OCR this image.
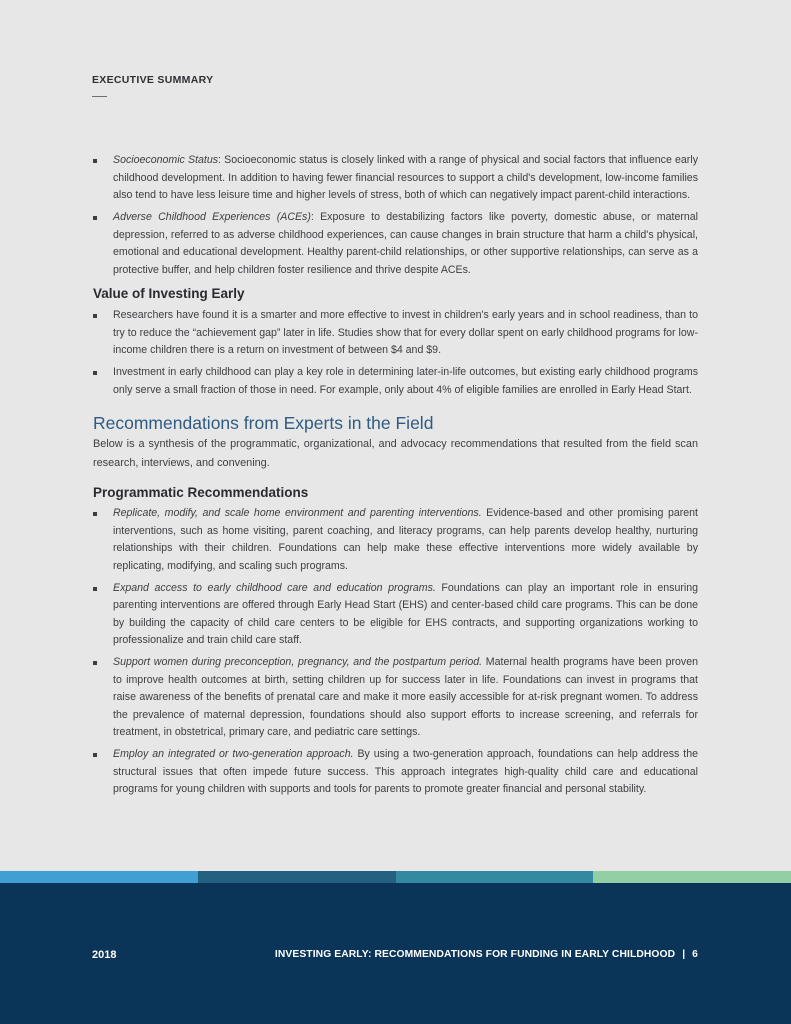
EXECUTIVE SUMMARY
Socioeconomic Status: Socioeconomic status is closely linked with a range of physical and social factors that influence early childhood development. In addition to having fewer financial resources to support a child's development, low-income families also tend to have less leisure time and higher levels of stress, both of which can negatively impact parent-child interactions.
Adverse Childhood Experiences (ACEs): Exposure to destabilizing factors like poverty, domestic abuse, or maternal depression, referred to as adverse childhood experiences, can cause changes in brain structure that harm a child's physical, emotional and educational development. Healthy parent-child relationships, or other supportive relationships, can serve as a protective buffer, and help children foster resilience and thrive despite ACEs.
Value of Investing Early
Researchers have found it is a smarter and more effective to invest in children's early years and in school readiness, than to try to reduce the “achievement gap” later in life. Studies show that for every dollar spent on early childhood programs for low-income children there is a return on investment of between $4 and $9.
Investment in early childhood can play a key role in determining later-in-life outcomes, but existing early childhood programs only serve a small fraction of those in need. For example, only about 4% of eligible families are enrolled in Early Head Start.
Recommendations from Experts in the Field
Below is a synthesis of the programmatic, organizational, and advocacy recommendations that resulted from the field scan research, interviews, and convening.
Programmatic Recommendations
Replicate, modify, and scale home environment and parenting interventions. Evidence-based and other promising parent interventions, such as home visiting, parent coaching, and literacy programs, can help parents develop healthy, nurturing relationships with their children. Foundations can help make these effective interventions more widely available by replicating, modifying, and scaling such programs.
Expand access to early childhood care and education programs. Foundations can play an important role in ensuring parenting interventions are offered through Early Head Start (EHS) and center-based child care programs. This can be done by building the capacity of child care centers to be eligible for EHS contracts, and supporting organizations working to professionalize and train child care staff.
Support women during preconception, pregnancy, and the postpartum period. Maternal health programs have been proven to improve health outcomes at birth, setting children up for success later in life. Foundations can invest in programs that raise awareness of the benefits of prenatal care and make it more easily accessible for at-risk pregnant women. To address the prevalence of maternal depression, foundations should also support efforts to increase screening, and referrals for treatment, in obstetrical, primary care, and pediatric care settings.
Employ an integrated or two-generation approach. By using a two-generation approach, foundations can help address the structural issues that often impede future success. This approach integrates high-quality child care and educational programs for young children with supports and tools for parents to promote greater financial and personal stability.
2018	INVESTING EARLY: RECOMMENDATIONS FOR FUNDING IN EARLY CHILDHOOD | 6
